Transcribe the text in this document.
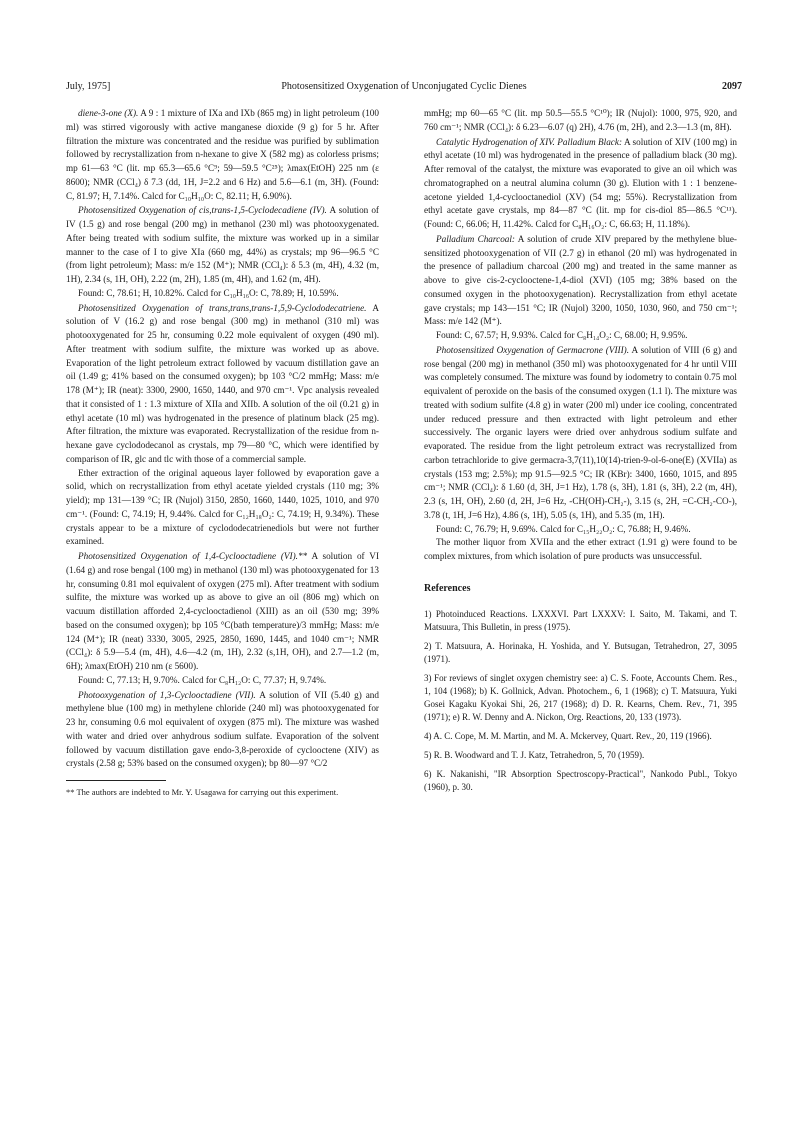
July, 1975]	Photosensitized Oxygenation of Unconjugated Cyclic Dienes	2097

diene-3-one (X). A 9 : 1 mixture of IXa and IXb (865 mg) in light petroleum (100 ml) was stirred vigorously with active manganese dioxide (9 g) for 5 hr. After filtration the mixture was concentrated and the residue was purified by sublimation followed by recrystallization from n-hexane to give X (582 mg) as colorless prisms; mp 61—63 °C (lit. mp 65.3—65.6 °C⁹; 59—59.5 °C²⁵); λmax(EtOH) 225 nm (ε 8600); NMR (CCl₄) δ 7.3 (dd, 1H, J=2.2 and 6 Hz) and 5.6—6.1 (m, 3H). (Found: C, 81.97; H, 7.14%. Calcd for C₁₀H₁₀O: C, 82.11; H, 6.90%).

Photosensitized Oxygenation of cis,trans-1,5-Cyclodecadiene (IV). A solution of IV (1.5 g) and rose bengal (200 mg) in methanol (230 ml) was photooxygenated. After being treated with sodium sulfite, the mixture was worked up in a similar manner to the case of I to give XIa (660 mg, 44%) as crystals; mp 96—96.5 °C (from light petroleum); Mass: m/e 152 (M⁺); NMR (CCl₄): δ 5.3 (m, 4H), 4.32 (m, 1H), 2.34 (s, 1H, OH), 2.22 (m, 2H), 1.85 (m, 4H), and 1.62 (m, 4H).

Found: C, 78.61; H, 10.82%. Calcd for C₁₀H₁₆O: C, 78.89; H, 10.59%.

Photosensitized Oxygenation of trans,trans,trans-1,5,9-Cyclododecatriene. A solution of V (16.2 g) and rose bengal (300 mg) in methanol (310 ml) was photooxygenated for 25 hr, consuming 0.22 mole equivalent of oxygen (490 ml). After treatment with sodium sulfite, the mixture was worked up as above. Evaporation of the light petroleum extract followed by vacuum distillation gave an oil (1.49 g; 41% based on the consumed oxygen); bp 103 °C/2 mmHg; Mass: m/e 178 (M⁺); IR (neat): 3300, 2900, 1650, 1440, and 970 cm⁻¹. Vpc analysis revealed that it consisted of 1 : 1.3 mixture of XIIa and XIIb. A solution of the oil (0.21 g) in ethyl acetate (10 ml) was hydrogenated in the presence of platinum black (25 mg). After filtration, the mixture was evaporated. Recrystallization of the residue from n-hexane gave cyclododecanol as crystals, mp 79—80 °C, which were identified by comparison of IR, glc and tlc with those of a commercial sample.

Ether extraction of the original aqueous layer followed by evaporation gave a solid, which on recrystallization from ethyl acetate yielded crystals (110 mg; 3% yield); mp 131—139 °C; IR (Nujol) 3150, 2850, 1660, 1440, 1025, 1010, and 970 cm⁻¹. (Found: C, 74.19; H, 9.44%. Calcd for C₁₂H₁₈O₂: C, 74.19; H, 9.34%). These crystals appear to be a mixture of cyclododecatrienediols but were not further examined.

Photosensitized Oxygenation of 1,4-Cyclooctadiene (VI).** A solution of VI (1.64 g) and rose bengal (100 mg) in methanol (130 ml) was photooxygenated for 13 hr, consuming 0.81 mol equivalent of oxygen (275 ml). After treatment with sodium sulfite, the mixture was worked up as above to give an oil (806 mg) which on vacuum distillation afforded 2,4-cyclooctadienol (XIII) as an oil (530 mg; 39% based on the consumed oxygen); bp 105 °C(bath temperature)/3 mmHg; Mass: m/e 124 (M⁺); IR (neat) 3330, 3005, 2925, 2850, 1690, 1445, and 1040 cm⁻¹; NMR (CCl₄): δ 5.9—5.4 (m, 4H), 4.6—4.2 (m, 1H), 2.32 (s,1H, OH), and 2.7—1.2 (m, 6H); λmax(EtOH) 210 nm (ε 5600).

Found: C, 77.13; H, 9.70%. Calcd for C₈H₁₂O: C, 77.37; H, 9.74%.

Photooxygenation of 1,3-Cyclooctadiene (VII). A solution of VII (5.40 g) and methylene blue (100 mg) in methylene chloride (240 ml) was photooxygenated for 23 hr, consuming 0.6 mol equivalent of oxygen (875 ml). The mixture was washed with water and dried over anhydrous sodium sulfate. Evaporation of the solvent followed by vacuum distillation gave endo-3,8-peroxide of cyclooctene (XIV) as crystals (2.58 g; 53% based on the consumed oxygen); bp 80—97 °C/2

** The authors are indebted to Mr. Y. Usagawa for carrying out this experiment.

mmHg; mp 60—65 °C (lit. mp 50.5—55.5 °C¹⁰); IR (Nujol): 1000, 975, 920, and 760 cm⁻¹; NMR (CCl₄): δ 6.23—6.07 (q) 2H), 4.76 (m, 2H), and 2.3—1.3 (m, 8H).

Catalytic Hydrogenation of XIV. Palladium Black: A solution of XIV (100 mg) in ethyl acetate (10 ml) was hydrogenated in the presence of palladium black (30 mg). After removal of the catalyst, the mixture was evaporated to give an oil which was chromatographed on a neutral alumina column (30 g). Elution with 1 : 1 benzene-acetone yielded 1,4-cyclooctanediol (XV) (54 mg; 55%). Recrystallization from ethyl acetate gave crystals, mp 84—87 °C (lit. mp for cis-diol 85—86.5 °C¹¹). (Found: C, 66.06; H, 11.42%. Calcd for C₈H₁₆O₂: C, 66.63; H, 11.18%).

Palladium Charcoal: A solution of crude XIV prepared by the methylene blue-sensitized photooxygenation of VII (2.7 g) in ethanol (20 ml) was hydrogenated in the presence of palladium charcoal (200 mg) and treated in the same manner as above to give cis-2-cyclooctene-1,4-diol (XVI) (105 mg; 38% based on the consumed oxygen in the photooxygenation). Recrystallization from ethyl acetate gave crystals; mp 143—151 °C; IR (Nujol) 3200, 1050, 1030, 960, and 750 cm⁻¹; Mass: m/e 142 (M⁺).

Found: C, 67.57; H, 9.93%. Calcd for C₈H₁₄O₂: C, 68.00; H, 9.95%.

Photosensitized Oxygenation of Germacrone (VIII). A solution of VIII (6 g) and rose bengal (200 mg) in methanol (350 ml) was photooxygenated for 4 hr until VIII was completely consumed. The mixture was found by iodometry to contain 0.75 mol equivalent of peroxide on the basis of the consumed oxygen (1.1 l). The mixture was treated with sodium sulfite (4.8 g) in water (200 ml) under ice cooling, concentrated under reduced pressure and then extracted with light petroleum and ether successively. The organic layers were dried over anhydrous sodium sulfate and evaporated. The residue from the light petroleum extract was recrystallized from carbon tetrachloride to give germacra-3,7(11),10(14)-trien-9-ol-6-one(E) (XVIIa) as crystals (153 mg; 2.5%); mp 91.5—92.5 °C; IR (KBr): 3400, 1660, 1015, and 895 cm⁻¹; NMR (CCl₄): δ 1.60 (d, 3H, J=1 Hz), 1.78 (s, 3H), 1.81 (s, 3H), 2.2 (m, 4H), 2.3 (s, 1H, OH), 2.60 (d, 2H, J=6 Hz, -CH(OH)-CH₂-), 3.15 (s, 2H, =C-CH₂-CO-), 3.78 (t, 1H, J=6 Hz), 4.86 (s, 1H), 5.05 (s, 1H), and 5.35 (m, 1H).

Found: C, 76.79; H, 9.69%. Calcd for C₁₅H₂₂O₂: C, 76.88; H, 9.46%.

The mother liquor from XVIIa and the ether extract (1.91 g) were found to be complex mixtures, from which isolation of pure products was unsuccessful.

References
1) Photoinduced Reactions. LXXXVI. Part LXXXV: I. Saito, M. Takami, and T. Matsuura, This Bulletin, in press (1975).
2) T. Matsuura, A. Horinaka, H. Yoshida, and Y. Butsugan, Tetrahedron, 27, 3095 (1971).
3) For reviews of singlet oxygen chemistry see: a) C. S. Foote, Accounts Chem. Res., 1, 104 (1968); b) K. Gollnick, Advan. Photochem., 6, 1 (1968); c) T. Matsuura, Yuki Gosei Kagaku Kyokai Shi, 26, 217 (1968); d) D. R. Kearns, Chem. Rev., 71, 395 (1971); e) R. W. Denny and A. Nickon, Org. Reactions, 20, 133 (1973).
4) A. C. Cope, M. M. Martin, and M. A. Mckervey, Quart. Rev., 20, 119 (1966).
5) R. B. Woodward and T. J. Katz, Tetrahedron, 5, 70 (1959).
6) K. Nakanishi, "IR Absorption Spectroscopy-Practical", Nankodo Publ., Tokyo (1960), p. 30.
